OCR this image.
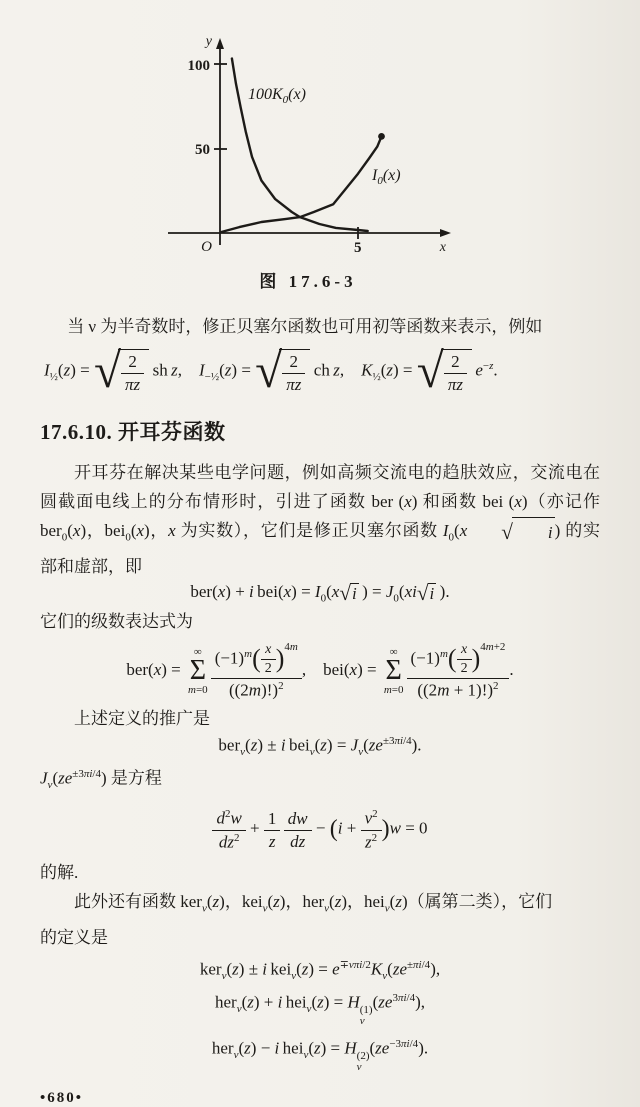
100
50
5
O
y
x
$100K_0(x)$
$I_0(x)$
图 17.6-3

当 ν 为半奇数时，修正贝塞尔函数也可用初等函数来表示，例如

$I_{\frac{1}{2}}(z)$ = √ $\frac{2}{\pi z}$  sh z, $I_{-\frac{1}{2}}(z)$ = √ $\frac{2}{\pi z}$  ch z, $K_{\frac{1}{2}}(z)$ = √ $\frac{2}{\pi z}$
  $e^{-z}$.
17.6.10. 开耳芬函数

开耳芬在解决某些电学问题，例如高频交流电的趋肤效应，交流电在圆截面电线上的分布情形时，引进了函数 ber (x) 和函数 bei (x)（亦记作 ber$_0$(x)，bei$_0$(x)，x 为实数），它们是修正贝塞尔函数 $I_0(x$	√	i ) 的实部和虚部，即

ber(x) + i $bei(x) = I_0(x$ √ i  ) = $J_0(xi$ √ i  ).

它们的级数表达式为

ber(x) =
∞
Σ
$m=0 \frac{(-1)^m( \frac{x}{2} )^{4m}}{((2m)!)^2}$ , bei(x) =
∞
Σ
$m=0 \frac{(-1)^m( \frac{x}{2} )^{4m+2}}{((2m + 1)!)^2}$ .

上述定义的推广是

ber$_\nu$(z) ± i $bei_\nu(z) = J_\nu(ze^{\pm 3\pi i/4})$.

$J_\nu(ze^{\pm 3\pi i/4})$ 是方程

$\frac{d^2w}{dz^2} + \frac{1}{z}$
  $\frac{dw}{dz} - (i + \frac{\nu^2}{z^2} )w = 0$

的解.

此外还有函数 ker$_\nu$(z)，kei$_\nu$(z)，her$_\nu$(z)，hei$_\nu$(z)（属第二类），它们

的定义是

ker$_\nu$(z) ± i $kei_\nu(z) = e^{\mp\nu\pi i/2}K_\nu(ze^{\pm\pi i/4})$,
her$_\nu$(z) + i hei$_\nu$(z) = H (1)
ν
$(ze^{3\pi i/4})$,
her$_\nu$(z) − i hei$_\nu$(z) = H (2)
ν
$(ze^{-3\pi i/4})$.
•680•
